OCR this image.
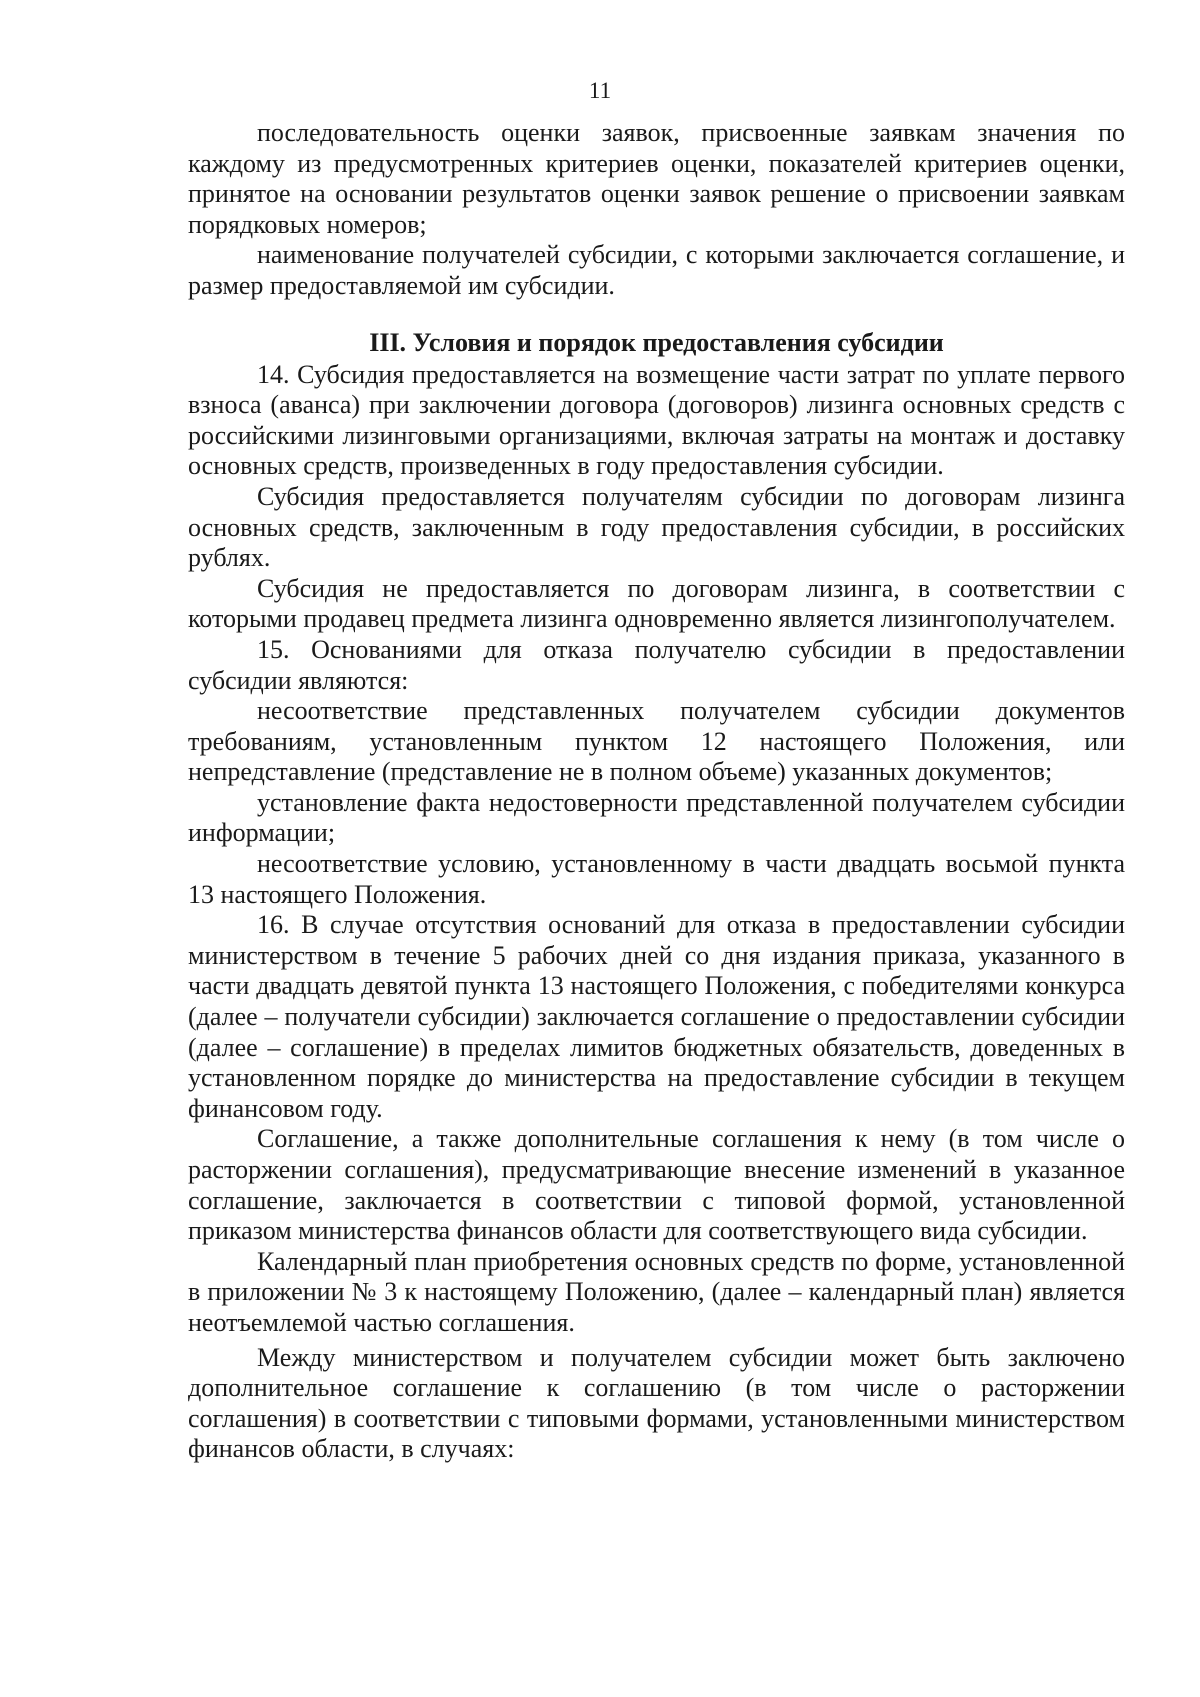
11

последовательность оценки заявок, присвоенные заявкам значения по каждому из предусмотренных критериев оценки, показателей критериев оценки, принятое на основании результатов оценки заявок решение о присвоении заявкам порядковых номеров;

наименование получателей субсидии, с которыми заключается соглашение, и размер предоставляемой им субсидии.

III. Условия и порядок предоставления субсидии

14. Субсидия предоставляется на возмещение части затрат по уплате первого взноса (аванса) при заключении договора (договоров) лизинга основных средств с российскими лизинговыми организациями, включая затраты на монтаж и доставку основных средств, произведенных в году предоставления субсидии.

Субсидия предоставляется получателям субсидии по договорам лизинга основных средств, заключенным в году предоставления субсидии, в российских рублях.

Субсидия не предоставляется по договорам лизинга, в соответствии с которыми продавец предмета лизинга одновременно является лизингополучателем.

15. Основаниями для отказа получателю субсидии в предоставлении субсидии являются:

несоответствие представленных получателем субсидии документов требованиям, установленным пунктом 12 настоящего Положения, или непредставление (представление не в полном объеме) указанных документов;

установление факта недостоверности представленной получателем субсидии информации;

несоответствие условию, установленному в части двадцать восьмой пункта 13 настоящего Положения.

16. В случае отсутствия оснований для отказа в предоставлении субсидии министерством в течение 5 рабочих дней со дня издания приказа, указанного в части двадцать девятой пункта 13 настоящего Положения, с победителями конкурса (далее – получатели субсидии) заключается соглашение о предоставлении субсидии (далее – соглашение) в пределах лимитов бюджетных обязательств, доведенных в установленном порядке до министерства на предоставление субсидии в текущем финансовом году.

Соглашение, а также дополнительные соглашения к нему (в том числе о расторжении соглашения), предусматривающие внесение изменений в указанное соглашение, заключается в соответствии с типовой формой, установленной приказом министерства финансов области для соответствующего вида субсидии.

Календарный план приобретения основных средств по форме, установленной в приложении № 3 к настоящему Положению, (далее – календарный план) является неотъемлемой частью соглашения.

Между министерством и получателем субсидии может быть заключено дополнительное соглашение к соглашению (в том числе о расторжении соглашения) в соответствии с типовыми формами, установленными министерством финансов области, в случаях:
